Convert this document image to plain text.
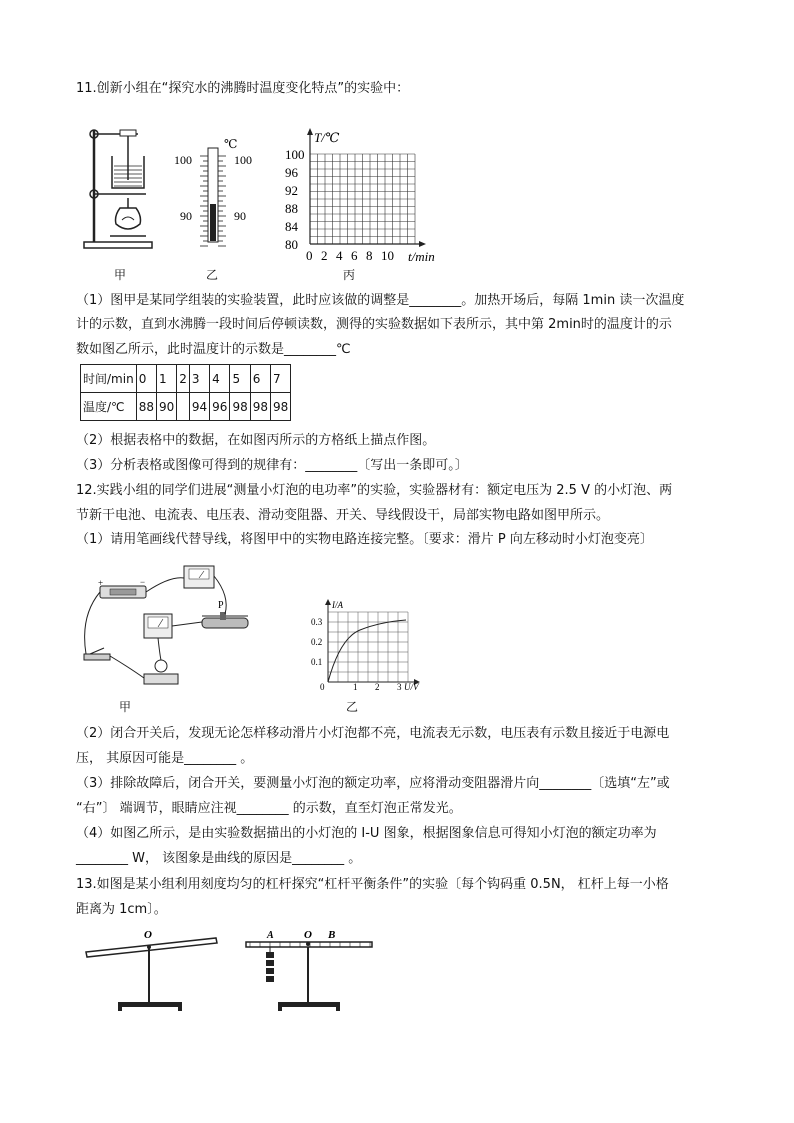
11.创新小组在“探究水的沸腾时温度变化特点”的实验中：
甲
℃
100	100
90	90
乙
T/℃
t/min
100
96
92
88
84
80
0 2 4 6 8 10
丙
（1）图甲是某同学组装的实验装置，此时应该做的调整是________。加热开场后，每隔 1min 读一次温度
计的示数，直到水沸腾一段时间后停顿读数，测得的实验数据如下表所示，其中第 2min时的温度计的示
数如图乙所示，此时温度计的示数是________℃
时间/min	0	1	2	3	4	5	6	7
温度/℃	88	90		94	96	98	98	98
（2）根据表格中的数据，在如图丙所示的方格纸上描点作图。
（3）分析表格或图像可得到的规律有：________〔写出一条即可。〕
12.实践小组的同学们进展“测量小灯泡的电功率”的实验，实验器材有：额定电压为 2.5 V 的小灯泡、两
节新干电池、电流表、电压表、滑动变阻器、开关、导线假设干，局部实物电路如图甲所示。
（1）请用笔画线代替导线，将图甲中的实物电路连接完整。〔要求：滑片 P 向左移动时小灯泡变亮〕
+	−
P
甲
I/A
U/V
0
0.3
0.2
0.1
1 2 3
乙
（2）闭合开关后，发现无论怎样移动滑片小灯泡都不亮，电流表无示数，电压表有示数且接近于电源电
压， 其原因可能是________ 。
（3）排除故障后，闭合开关，要测量小灯泡的额定功率，应将滑动变阻器滑片向________〔选填“左”或
“右”〕 端调节，眼睛应注视________ 的示数，直至灯泡正常发光。
（4）如图乙所示，是由实验数据描出的小灯泡的 I-U 图象，根据图象信息可得知小灯泡的额定功率为
________ W， 该图象是曲线的原因是________ 。
13.如图是某小组利用刻度均匀的杠杆探究“杠杆平衡条件”的实验〔每个钩码重 0.5N， 杠杆上每一小格
距离为 1cm〕。
O	A	O B
